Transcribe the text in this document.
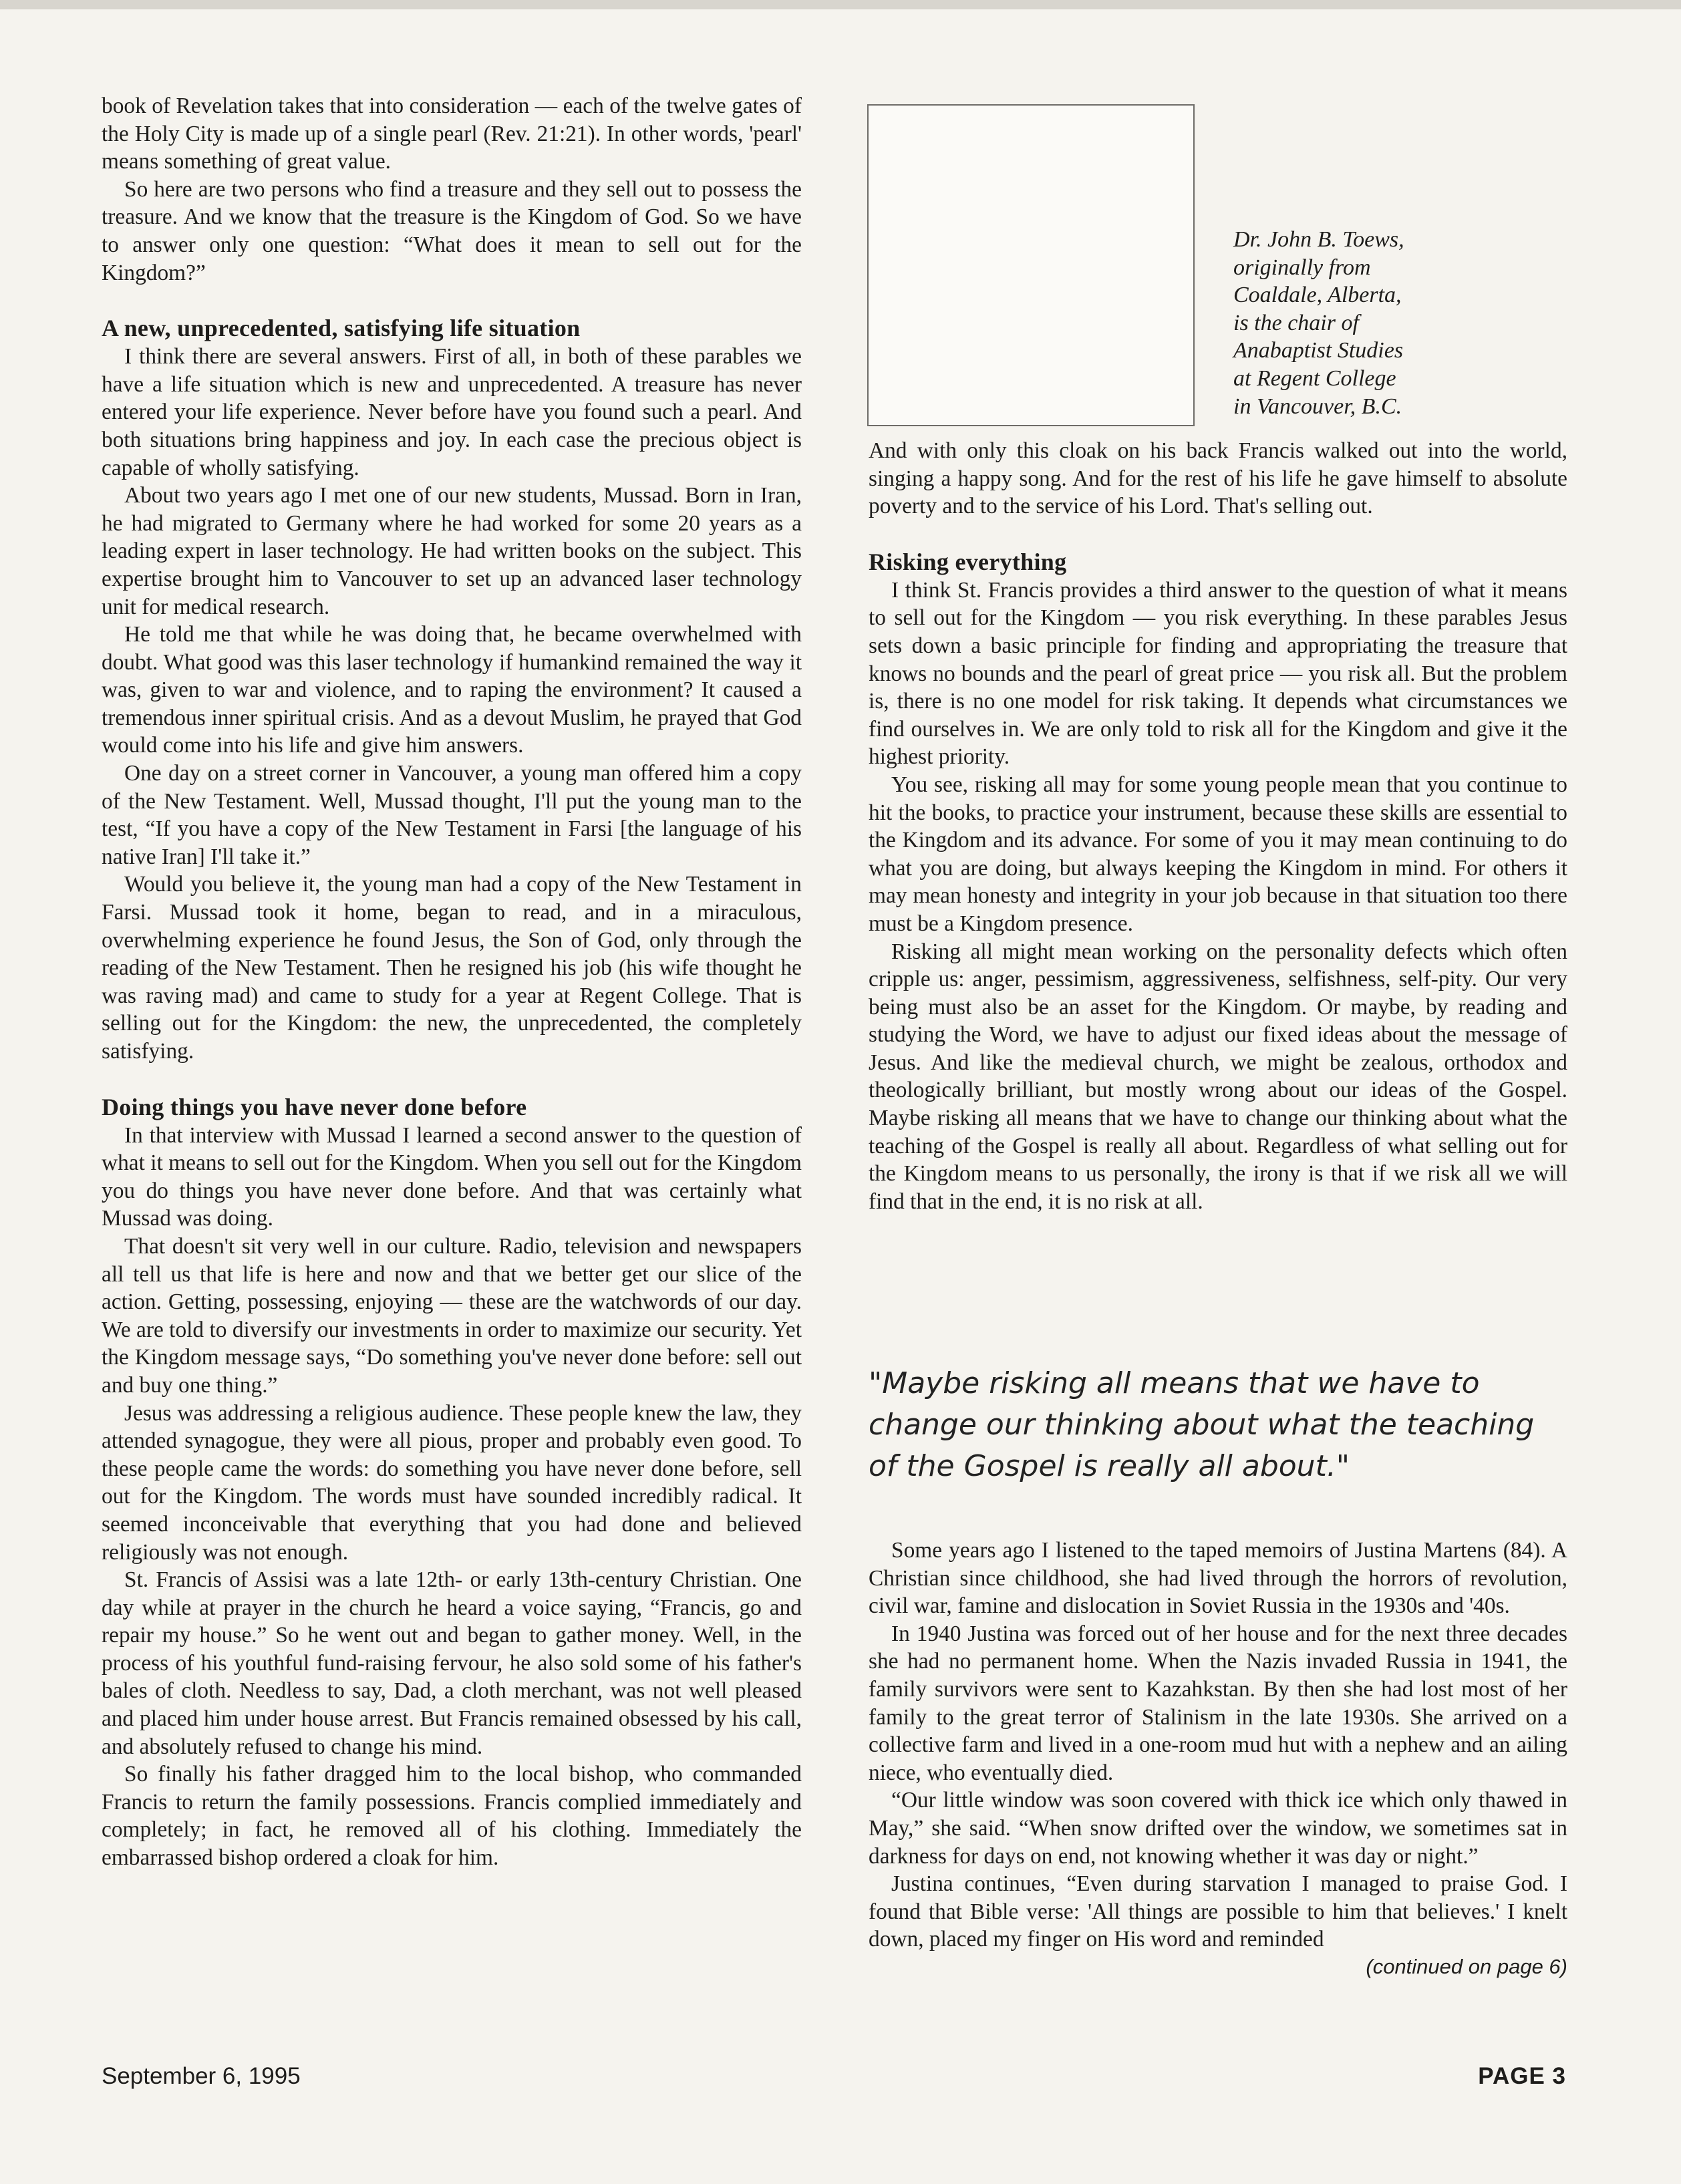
book of Revelation takes that into consideration — each of the twelve gates of the Holy City is made up of a single pearl (Rev. 21:21). In other words, 'pearl' means something of great value.

So here are two persons who find a treasure and they sell out to possess the treasure. And we know that the treasure is the Kingdom of God. So we have to answer only one question: “What does it mean to sell out for the Kingdom?”

A new, unprecedented, satisfying life situation

I think there are several answers. First of all, in both of these parables we have a life situation which is new and unprecedented. A treasure has never entered your life experience. Never before have you found such a pearl. And both situations bring happiness and joy. In each case the precious object is capable of wholly satisfying.

About two years ago I met one of our new students, Mussad. Born in Iran, he had migrated to Germany where he had worked for some 20 years as a leading expert in laser technology. He had written books on the subject. This expertise brought him to Vancouver to set up an advanced laser technology unit for medical research.

He told me that while he was doing that, he became overwhelmed with doubt. What good was this laser technology if humankind remained the way it was, given to war and violence, and to raping the environment? It caused a tremendous inner spiritual crisis. And as a devout Muslim, he prayed that God would come into his life and give him answers.

One day on a street corner in Vancouver, a young man offered him a copy of the New Testament. Well, Mussad thought, I'll put the young man to the test, “If you have a copy of the New Testament in Farsi [the language of his native Iran] I'll take it.”

Would you believe it, the young man had a copy of the New Testament in Farsi. Mussad took it home, began to read, and in a miraculous, overwhelming experience he found Jesus, the Son of God, only through the reading of the New Testament. Then he resigned his job (his wife thought he was raving mad) and came to study for a year at Regent College. That is selling out for the Kingdom: the new, the unprecedented, the completely satisfying.

Doing things you have never done before

In that interview with Mussad I learned a second answer to the question of what it means to sell out for the Kingdom. When you sell out for the Kingdom you do things you have never done before. And that was certainly what Mussad was doing.

That doesn't sit very well in our culture. Radio, television and newspapers all tell us that life is here and now and that we better get our slice of the action. Getting, possessing, enjoying — these are the watchwords of our day. We are told to diversify our investments in order to maximize our security. Yet the Kingdom message says, “Do something you've never done before: sell out and buy one thing.”

Jesus was addressing a religious audience. These people knew the law, they attended synagogue, they were all pious, proper and probably even good. To these people came the words: do something you have never done before, sell out for the Kingdom. The words must have sounded incredibly radical. It seemed inconceivable that everything that you had done and believed religiously was not enough.

St. Francis of Assisi was a late 12th- or early 13th-century Christian. One day while at prayer in the church he heard a voice saying, “Francis, go and repair my house.” So he went out and began to gather money. Well, in the process of his youthful fund-raising fervour, he also sold some of his father's bales of cloth. Needless to say, Dad, a cloth merchant, was not well pleased and placed him under house arrest. But Francis remained obsessed by his call, and absolutely refused to change his mind.

So finally his father dragged him to the local bishop, who commanded Francis to return the family possessions. Francis complied immediately and completely; in fact, he removed all of his clothing. Immediately the embarrassed bishop ordered a cloak for him.

Dr. John B. Toews,
originally from
Coaldale, Alberta,
is the chair of
Anabaptist Studies
at Regent College
in Vancouver, B.C.

And with only this cloak on his back Francis walked out into the world, singing a happy song. And for the rest of his life he gave himself to absolute poverty and to the service of his Lord. That's selling out.

Risking everything

I think St. Francis provides a third answer to the question of what it means to sell out for the Kingdom — you risk everything. In these parables Jesus sets down a basic principle for finding and appropriating the treasure that knows no bounds and the pearl of great price — you risk all. But the problem is, there is no one model for risk taking. It depends what circumstances we find ourselves in. We are only told to risk all for the Kingdom and give it the highest priority.

You see, risking all may for some young people mean that you continue to hit the books, to practice your instrument, because these skills are essential to the Kingdom and its advance. For some of you it may mean continuing to do what you are doing, but always keeping the Kingdom in mind. For others it may mean honesty and integrity in your job because in that situation too there must be a Kingdom presence.

Risking all might mean working on the personality defects which often cripple us: anger, pessimism, aggressiveness, selfishness, self-pity. Our very being must also be an asset for the Kingdom. Or maybe, by reading and studying the Word, we have to adjust our fixed ideas about the message of Jesus. And like the medieval church, we might be zealous, orthodox and theologically brilliant, but mostly wrong about our ideas of the Gospel. Maybe risking all means that we have to change our thinking about what the teaching of the Gospel is really all about. Regardless of what selling out for the Kingdom means to us personally, the irony is that if we risk all we will find that in the end, it is no risk at all.

"Maybe risking all means that we have to change our thinking about what the teaching of the Gospel is really all about."

Some years ago I listened to the taped memoirs of Justina Martens (84). A Christian since childhood, she had lived through the horrors of revolution, civil war, famine and dislocation in Soviet Russia in the 1930s and '40s.

In 1940 Justina was forced out of her house and for the next three decades she had no permanent home. When the Nazis invaded Russia in 1941, the family survivors were sent to Kazahkstan. By then she had lost most of her family to the great terror of Stalinism in the late 1930s. She arrived on a collective farm and lived in a one-room mud hut with a nephew and an ailing niece, who eventually died.

“Our little window was soon covered with thick ice which only thawed in May,” she said. “When snow drifted over the window, we sometimes sat in darkness for days on end, not knowing whether it was day or night.”

Justina continues, “Even during starvation I managed to praise God. I found that Bible verse: 'All things are possible to him that believes.' I knelt down, placed my finger on His word and reminded

(continued on page 6)
September 6, 1995	PAGE 3
